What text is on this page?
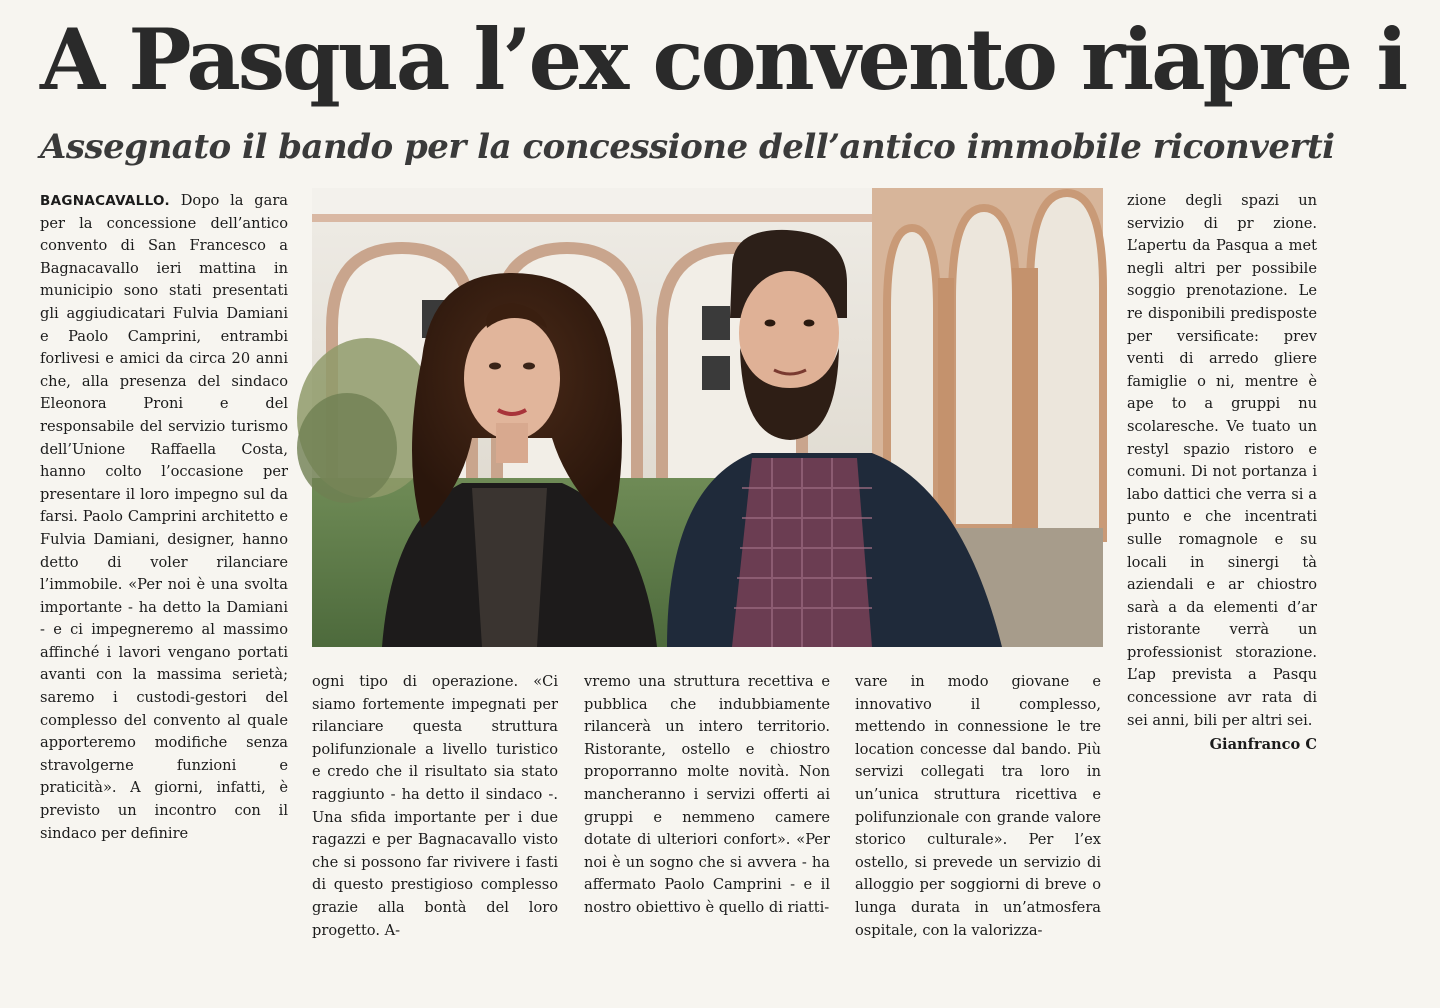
A Pasqua l’ex convento riapre i
Assegnato il bando per la concessione dell’antico immobile riconverti
BAGNACAVALLO. Dopo la gara per la concessione dell’antico convento di San Francesco a Bagnacavallo ieri mattina in municipio sono stati presentati gli aggiudicatari Fulvia Damiani e Paolo Camprini, entrambi forlivesi e amici da circa 20 anni che, alla presenza del sindaco Eleonora Proni e del responsabile del servizio turismo dell’Unione Raffaella Costa, hanno colto l’occasione per presentare il loro impegno sul da farsi. Paolo Camprini architetto e Fulvia Damiani, designer, hanno detto di voler rilanciare l’immobile. «Per noi è una svolta importante - ha detto la Damiani - e ci impegneremo al massimo affinché i lavori vengano portati avanti con la massima serietà; saremo i custodi-gestori del complesso del convento al quale apporteremo modifiche senza stravolgerne funzioni e praticità». A giorni, infatti, è previsto un incontro con il sindaco per definire
ogni tipo di operazione. «Ci siamo fortemente impegnati per rilanciare questa struttura polifunzionale a livello turistico e credo che il risultato sia stato raggiunto - ha detto il sindaco -. Una sfida importante per i due ragazzi e per Bagnacavallo visto che si possono far rivivere i fasti di questo prestigioso complesso grazie alla bontà del loro progetto. A-
vremo una struttura recettiva e pubblica che indubbiamente rilancerà un intero territorio. Ristorante, ostello e chiostro proporranno molte novità. Non mancheranno i servizi offerti ai gruppi e nemmeno camere dotate di ulteriori confort». «Per noi è un sogno che si avvera - ha affermato Paolo Camprini - e il nostro obiettivo è quello di riatti-
vare in modo giovane e innovativo il complesso, mettendo in connessione le tre location concesse dal bando. Più servizi collegati tra loro in un’unica struttura ricettiva e polifunzionale con grande valore storico culturale». Per l’ex ostello, si prevede un servizio di alloggio per soggiorni di breve o lunga durata in un’atmosfera ospitale, con la valorizza-
zione degli spazi un servizio di pr zione. L’apertu da Pasqua a met negli altri per possibile soggio prenotazione. Le re disponibili predisposte per versificate: prev venti di arredo gliere famiglie o ni, mentre è ape to a gruppi nu scolaresche. Ve tuato un restyl spazio ristoro e comuni. Di not portanza i labo dattici che verra si a punto e che incentrati sulle romagnole e su locali in sinergi tà aziendali e ar chiostro sarà a da elementi d’ar ristorante verrà un professionist storazione. L’ap prevista a Pasqu concessione avr rata di sei anni, bili per altri sei.
Gianfranco C
